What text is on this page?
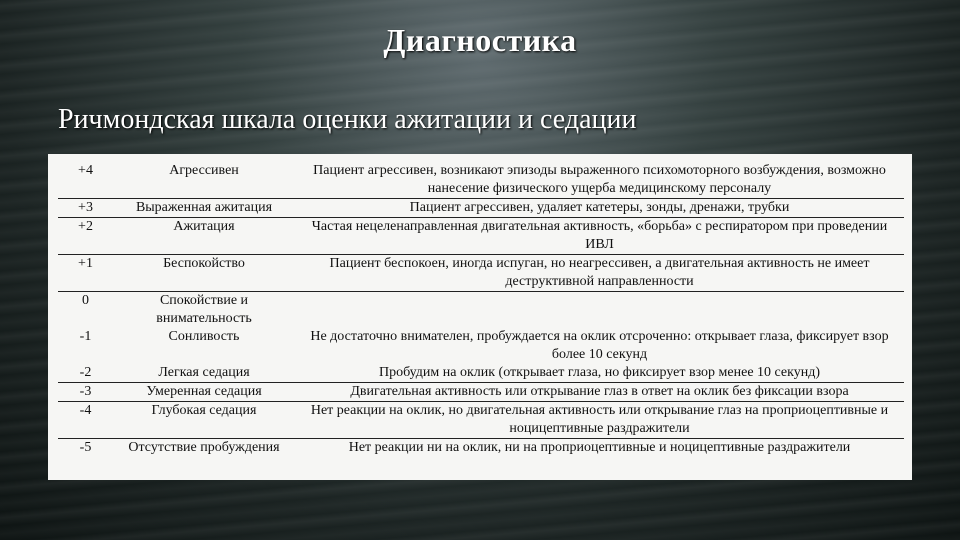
Диагностика
Ричмондская шкала оценки ажитации и седации
+4	Агрессивен	Пациент агрессивен, возникают эпизоды выраженного психомоторного возбуждения, возможно нанесение физического ущерба медицинскому персоналу
+3	Выраженная ажитация	Пациент агрессивен, удаляет катетеры, зонды, дренажи, трубки
+2	Ажитация	Частая нецеленаправленная двигательная активность, «борьба» с респиратором при проведении ИВЛ
+1	Беспокойство	Пациент беспокоен, иногда испуган, но неагрессивен, а двигательная активность не имеет деструктивной направленности
0	Спокойствие и внимательность	
-1	Сонливость	Не достаточно внимателен, пробуждается на оклик отсроченно: открывает глаза, фиксирует взор более 10 секунд
-2	Легкая седация	Пробудим на оклик (открывает глаза, но фиксирует взор менее 10 секунд)
-3	Умеренная седация	Двигательная активность или открывание глаз в ответ на оклик без фиксации взора
-4	Глубокая седация	Нет реакции на оклик, но двигательная активность или открывание глаз на проприоцептивные и ноцицептивные раздражители
-5	Отсутствие пробуждения	Нет реакции ни на оклик, ни на проприоцептивные и ноцицептивные раздражители
